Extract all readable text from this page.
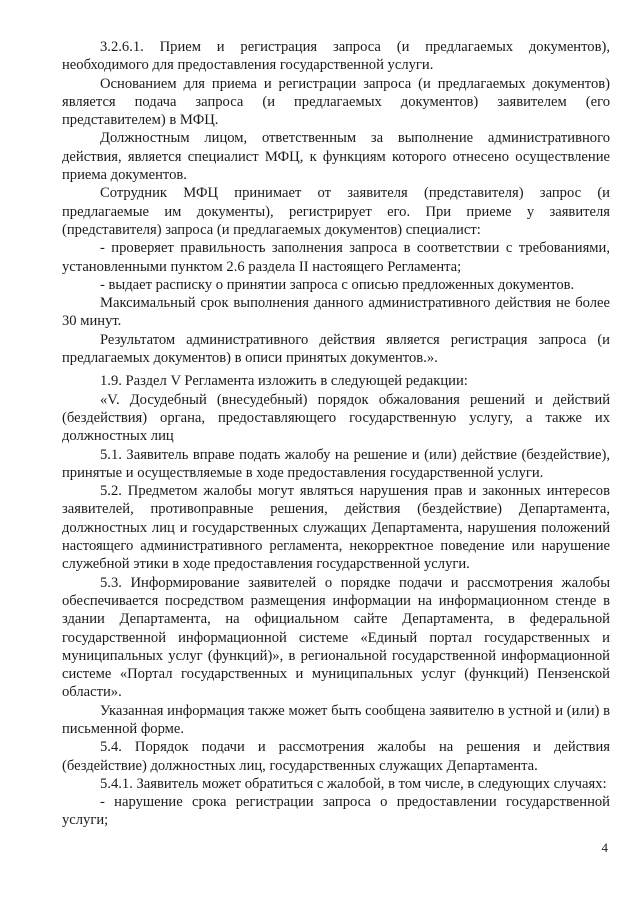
3.2.6.1. Прием и регистрация запроса (и предлагаемых документов), необходимого для предоставления государственной услуги.

Основанием для приема и регистрации запроса (и предлагаемых документов) является подача запроса (и предлагаемых документов) заявителем (его представителем) в МФЦ.

Должностным лицом, ответственным за выполнение административного действия, является специалист МФЦ, к функциям которого отнесено осуществление приема документов.

Сотрудник МФЦ принимает от заявителя (представителя) запрос (и предлагаемые им документы), регистрирует его. При приеме у заявителя (представителя) запроса (и предлагаемых документов) специалист:

- проверяет правильность заполнения запроса в соответствии с требованиями, установленными пунктом 2.6 раздела II настоящего Регламента;

- выдает расписку о принятии запроса с описью предложенных документов.

Максимальный срок выполнения данного административного действия не более 30 минут.

Результатом административного действия является регистрация запроса (и предлагаемых документов) в описи принятых документов.».

1.9. Раздел V Регламента изложить в следующей редакции:

«V. Досудебный (внесудебный) порядок обжалования решений и действий (бездействия) органа, предоставляющего государственную услугу, а также их должностных лиц

5.1. Заявитель вправе подать жалобу на решение и (или) действие (бездействие), принятые и осуществляемые в ходе предоставления государственной услуги.

5.2. Предметом жалобы могут являться нарушения прав и законных интересов заявителей, противоправные решения, действия (бездействие) Департамента, должностных лиц и государственных служащих Департамента, нарушения положений настоящего административного регламента, некорректное поведение или нарушение служебной этики в ходе предоставления государственной услуги.

5.3. Информирование заявителей о порядке подачи и рассмотрения жалобы обеспечивается посредством размещения информации на информационном стенде в здании Департамента, на официальном сайте Департамента, в федеральной государственной информационной системе «Единый портал государственных и муниципальных услуг (функций)», в региональной государственной информационной системе «Портал государственных и муниципальных услуг (функций) Пензенской области».

Указанная информация также может быть сообщена заявителю в устной и (или) в письменной форме.

5.4. Порядок подачи и рассмотрения жалобы на решения и действия (бездействие) должностных лиц, государственных служащих Департамента.

5.4.1. Заявитель может обратиться с жалобой, в том числе, в следующих случаях:

- нарушение срока регистрации запроса о предоставлении государственной услуги;

4
